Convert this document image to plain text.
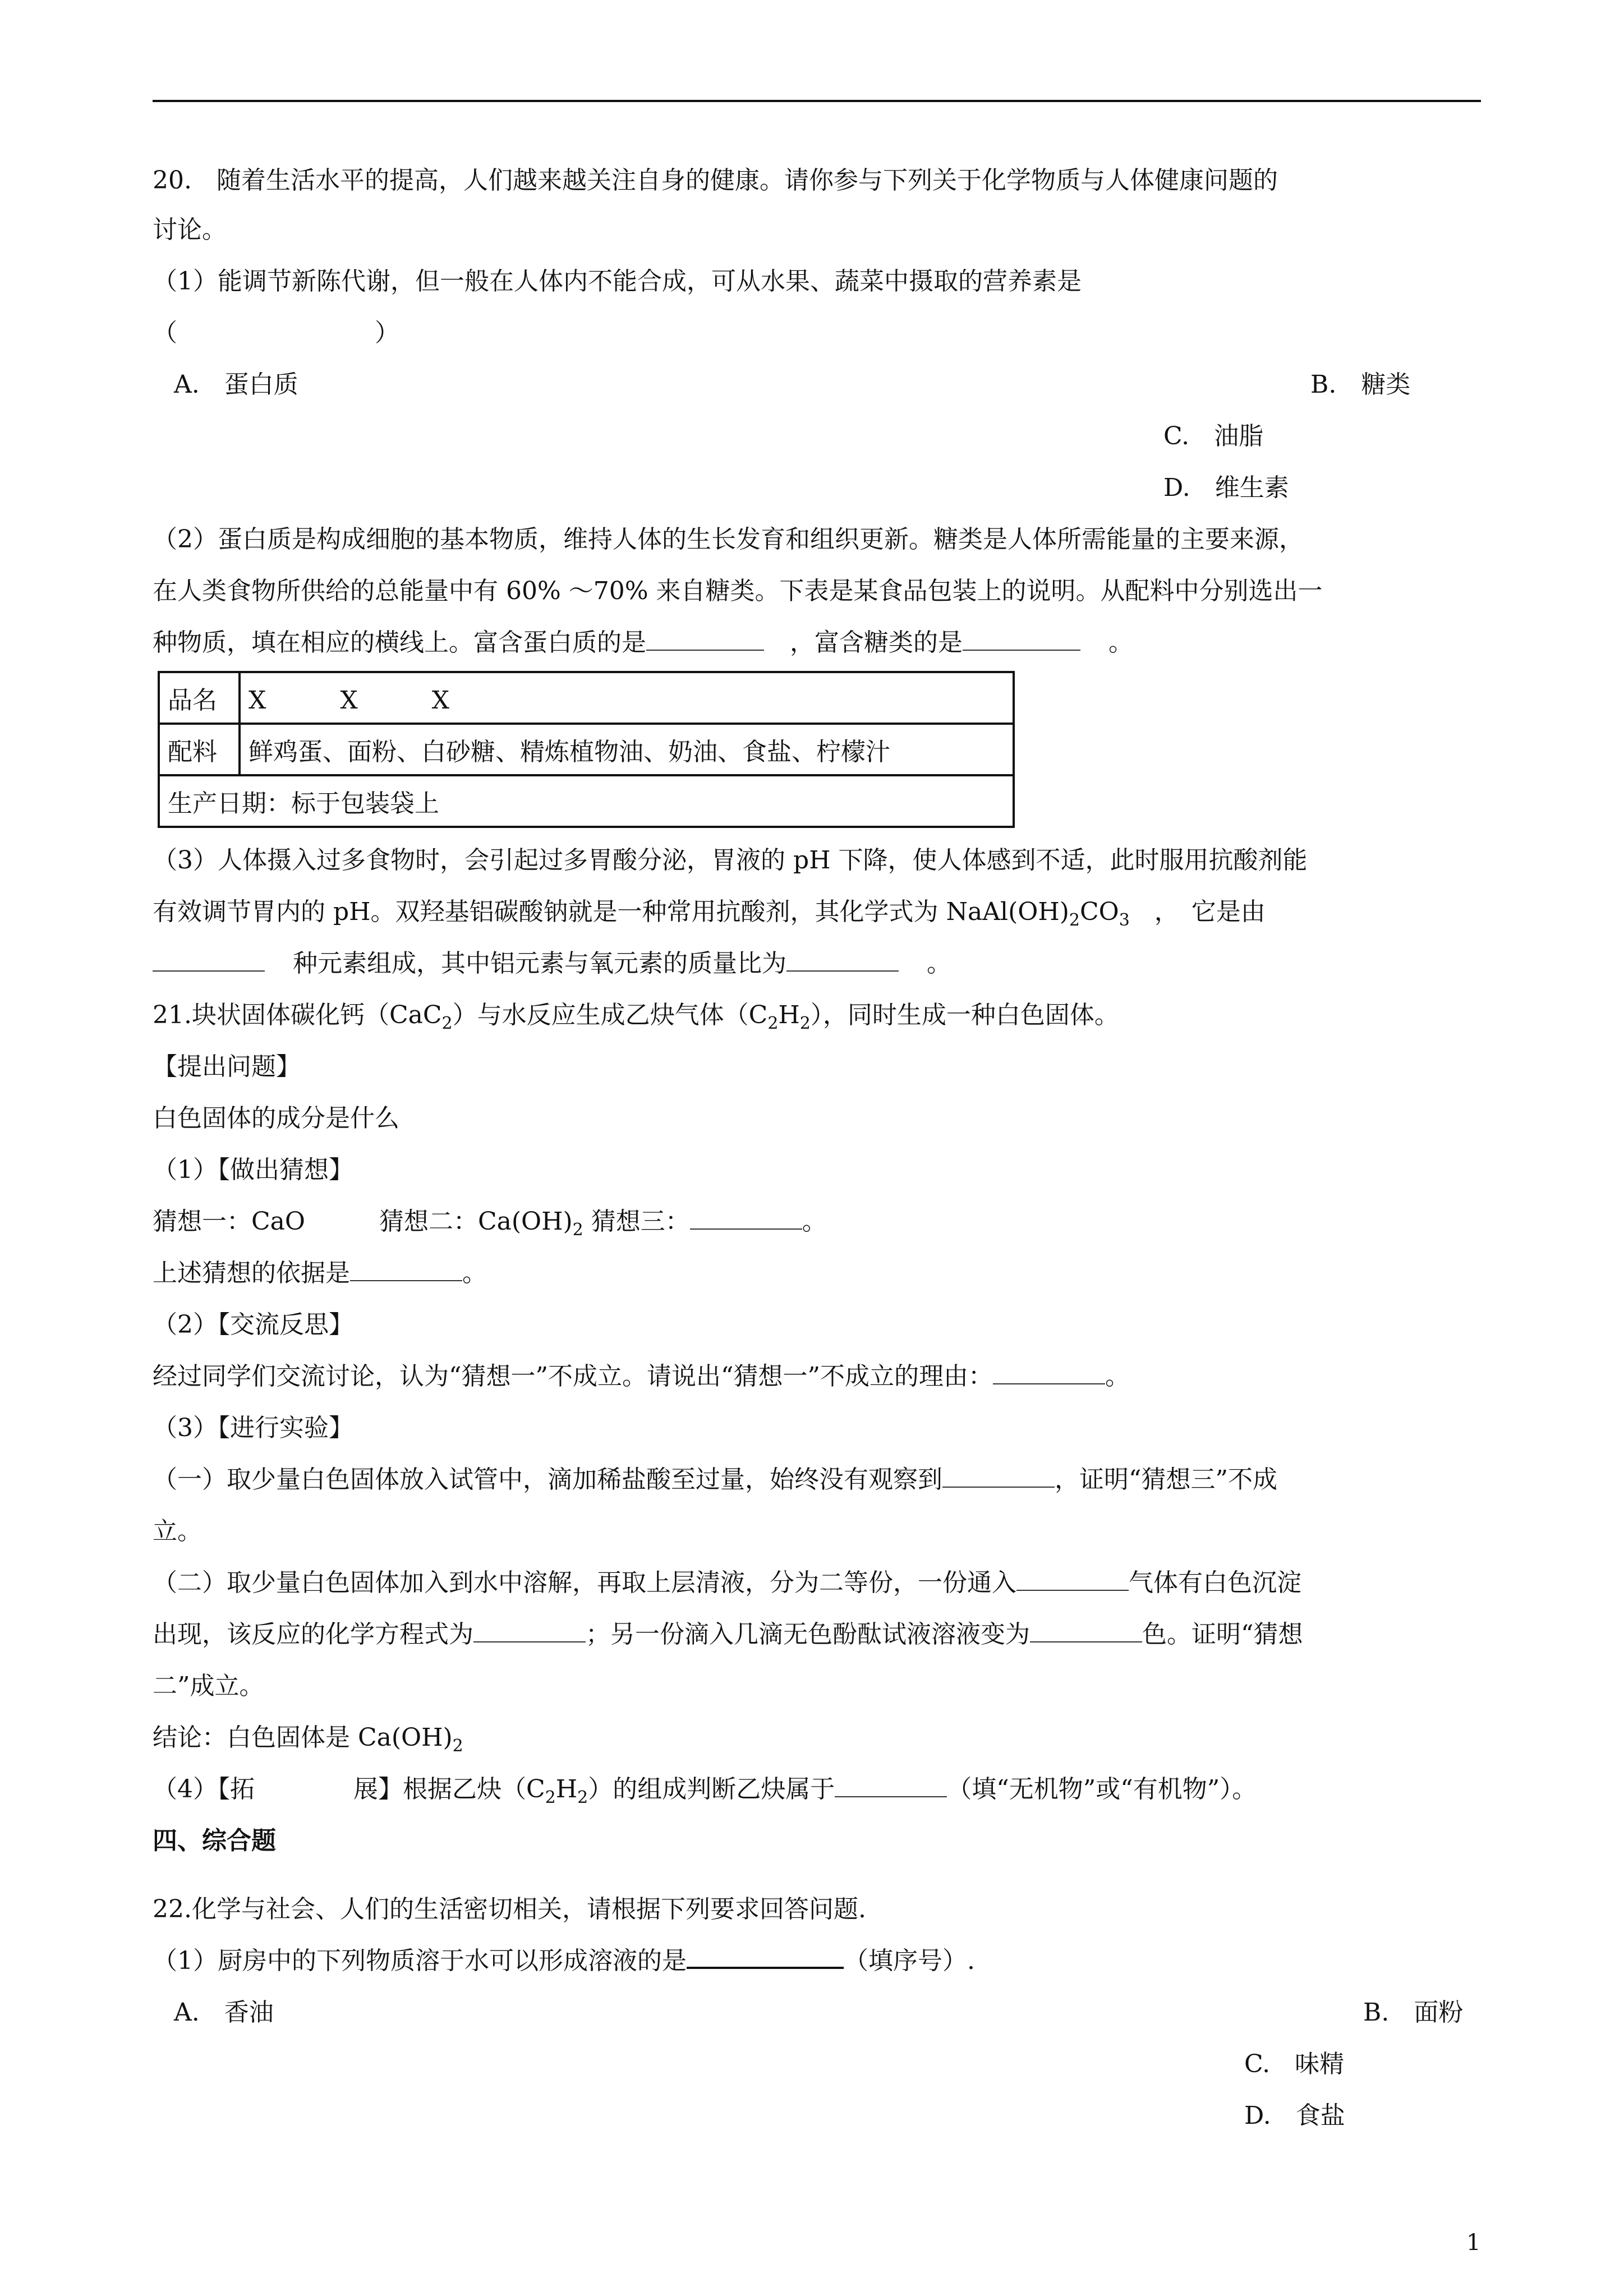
20.　随着生活水平的提高，人们越来越关注自身的健康。请你参与下列关于化学物质与人体健康问题的
讨论。
（1）能调节新陈代谢，但一般在人体内不能合成，可从水果、蔬菜中摄取的营养素是
（　　　　　　　　）
A.　蛋白质	B.　糖类
C.　油脂
D.　维生素
（2）蛋白质是构成细胞的基本物质，维持人体的生长发育和组织更新。糖类是人体所需能量的主要来源，
在人类食物所供给的总能量中有 60% ～70% 来自糖类。下表是某食品包装上的说明。从配料中分别选出一
种物质，填在相应的横线上。富含蛋白质的是	，富含糖类的是	。
品名	X　　　X　　　X
配料	鲜鸡蛋、面粉、白砂糖、精炼植物油、奶油、食盐、柠檬汁
生产日期：标于包装袋上	
（3）人体摄入过多食物时，会引起过多胃酸分泌，胃液的 pH 下降，使人体感到不适，此时服用抗酸剂能
有效调节胃内的 pH。双羟基铝碳酸钠就是一种常用抗酸剂，其化学式为 $NaAl(OH)_2CO_3$　，　它是由
种元素组成，其中铝元素与氧元素的质量比为	。
21.块状固体碳化钙（CaC$_2$）与水反应生成乙炔气体$(C_2H_2)$，同时生成一种白色固体。
【提出问题】
白色固体的成分是什么
（1）【做出猜想】
猜想一：CaO　　　猜想二：$Ca(OH)_2$ 猜想三：	。
上述猜想的依据是	。
（2）【交流反思】
经过同学们交流讨论，认为“猜想一”不成立。请说出“猜想一”不成立的理由：	。
（3）【进行实验】
（一）取少量白色固体放入试管中，滴加稀盐酸至过量，始终没有观察到	，证明“猜想三”不成
立。
（二）取少量白色固体加入到水中溶解，再取上层清液，分为二等份，一份通入	气体有白色沉淀
出现，该反应的化学方程式为	；另一份滴入几滴无色酚酞试液溶液变为	色。证明“猜想
二”成立。
结论：白色固体是 $Ca(OH)_2$
（4）【拓　　　　展】根据乙炔$(C_2H_2)$的组成判断乙炔属于	（填“无机物”或“有机物”）。
四、综合题
22.化学与社会、人们的生活密切相关，请根据下列要求回答问题.
（1）厨房中的下列物质溶于水可以形成溶液的是	（填序号）.
A.　香油	B.　面粉
C.　味精
D.　食盐
1
